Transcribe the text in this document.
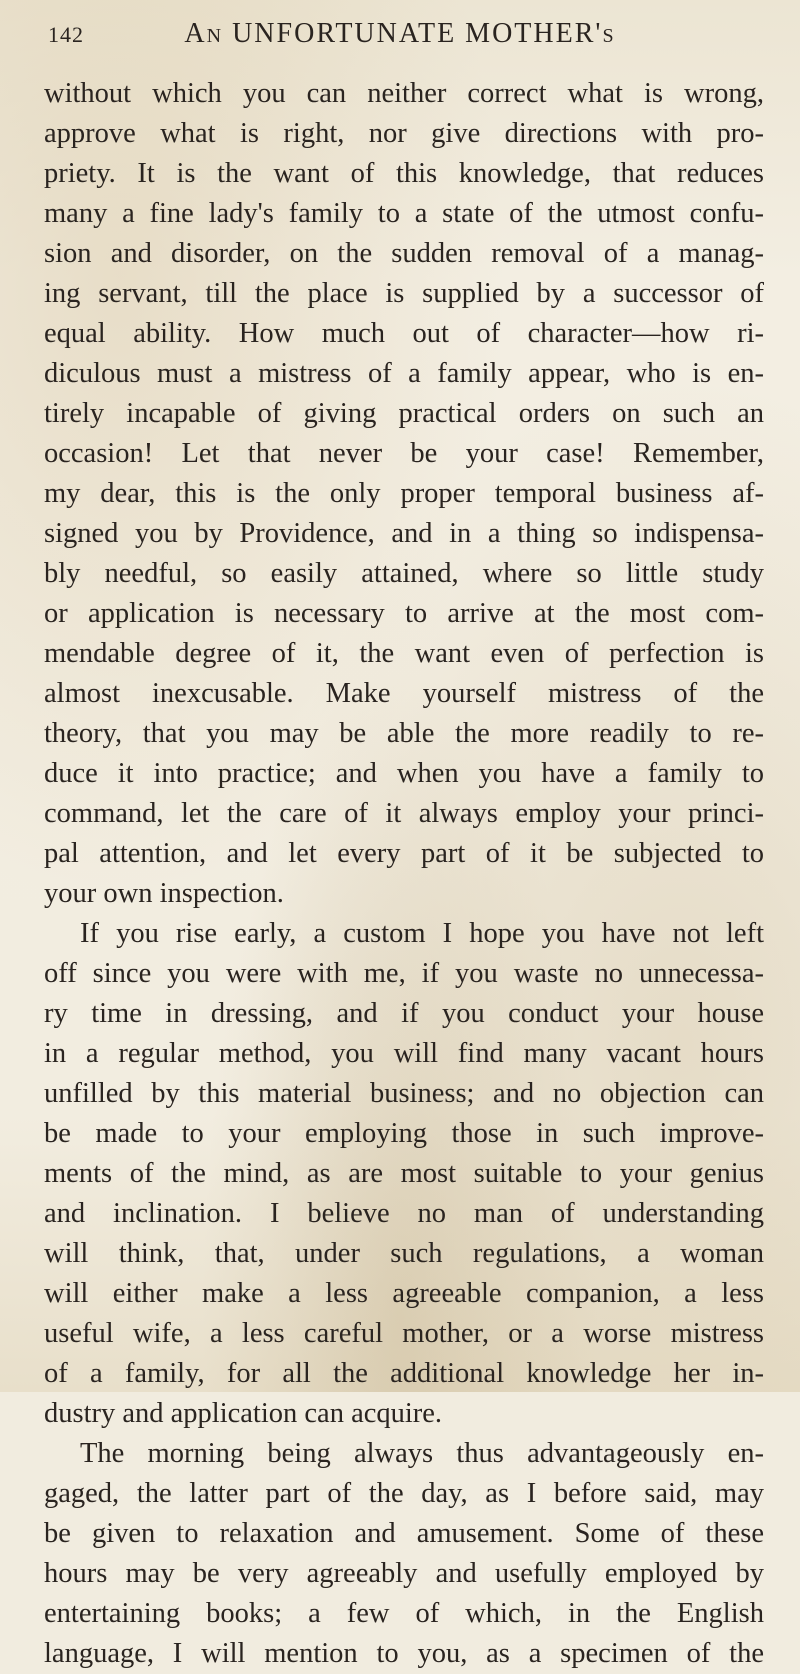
142	An UNFORTUNATE MOTHER's
without which you can neither correct what is wrong,
approve what is right, nor give directions with pro-
priety. It is the want of this knowledge, that reduces
many a fine lady's family to a state of the utmost confu-
sion and disorder, on the sudden removal of a manag-
ing servant, till the place is supplied by a successor of
equal ability. How much out of character—how ri-
diculous must a mistress of a family appear, who is en-
tirely incapable of giving practical orders on such an
occasion! Let that never be your case! Remember,
my dear, this is the only proper temporal business af-
signed you by Providence, and in a thing so indispensa-
bly needful, so easily attained, where so little study
or application is necessary to arrive at the most com-
mendable degree of it, the want even of perfection is
almost inexcusable. Make yourself mistress of the
theory, that you may be able the more readily to re-
duce it into practice; and when you have a family to
command, let the care of it always employ your princi-
pal attention, and let every part of it be subjected to
your own inspection.
If you rise early, a custom I hope you have not left
off since you were with me, if you waste no unnecessa-
ry time in dressing, and if you conduct your house
in a regular method, you will find many vacant hours
unfilled by this material business; and no objection can
be made to your employing those in such improve-
ments of the mind, as are most suitable to your genius
and inclination. I believe no man of understanding
will think, that, under such regulations, a woman
will either make a less agreeable companion, a less
useful wife, a less careful mother, or a worse mistress
of a family, for all the additional knowledge her in-
dustry and application can acquire.
The morning being always thus advantageously en-
gaged, the latter part of the day, as I before said, may
be given to relaxation and amusement. Some of these
hours may be very agreeably and usefully employed by
entertaining books; a few of which, in the English
language, I will mention to you, as a specimen of the
